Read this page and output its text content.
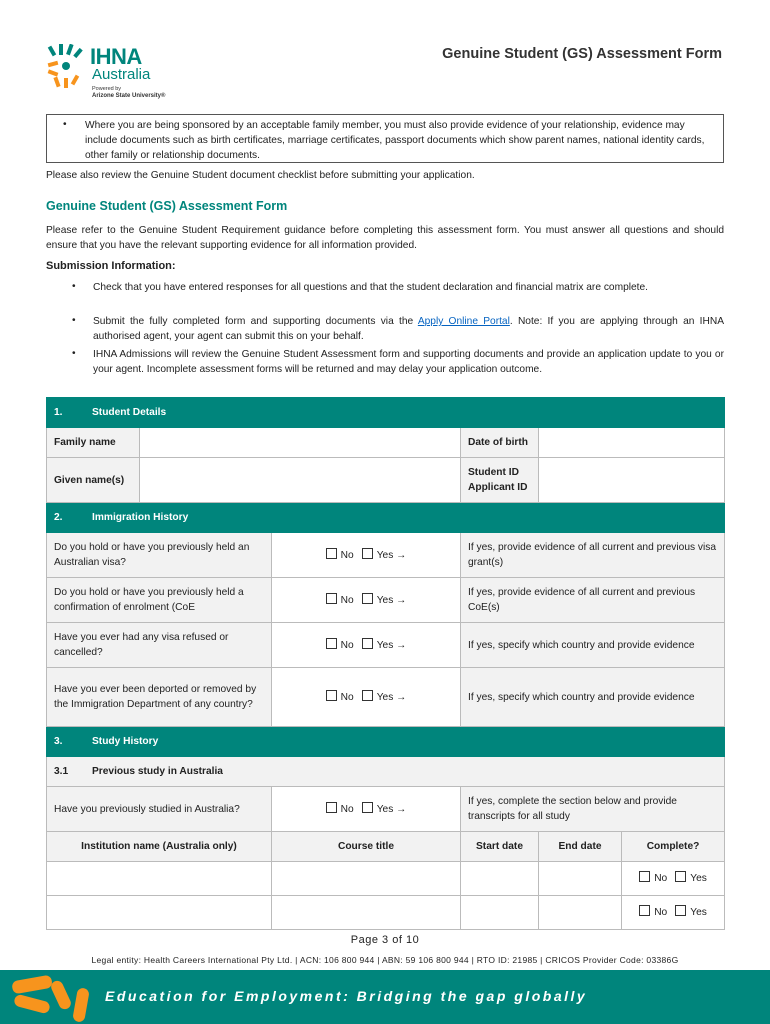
IHNA
Australia
Powered by
Arizone State University®
Genuine Student (GS) Assessment Form
• Where you are being sponsored by an acceptable family member, you must also provide evidence of your relationship, evidence may include documents such as birth certificates, marriage certificates, passport documents which show parent names, national identity cards, other family or relationship documents.

Please also review the Genuine Student document checklist before submitting your application.

Genuine Student (GS) Assessment Form

Please refer to the Genuine Student Requirement guidance before completing this assessment form. You must answer all questions and should ensure that you have the relevant supporting evidence for all information provided.

Submission Information:
• Check that you have entered responses for all questions and that the student declaration and financial matrix are complete.
• Submit the fully completed form and supporting documents via the Apply Online Portal. Note: If you are applying through an IHNA authorised agent, your agent can submit this on your behalf.
• IHNA Admissions will review the Genuine Student Assessment form and supporting documents and provide an application update to you or your agent. Incomplete assessment forms will be returned and may delay your application outcome.
1. Student Details					
Family name			Date of birth		
Given name(s)			Student ID
Applicant ID		

2. Immigration History					
Do you hold or have you previously held an Australian visa?		No Yes →	If yes, provide evidence of all current and previous visa grant(s)		
Do you hold or have you previously held a confirmation of enrolment (CoE		No Yes →	If yes, provide evidence of all current and previous CoE(s)		
Have you ever had any visa refused or cancelled?		No Yes →	If yes, specify which country and provide evidence		
Have you ever been deported or removed by the Immigration Department of any country?		No Yes →	If yes, specify which country and provide evidence		
3. Study History					
3.1 Previous study in Australia					
Have you previously studied in Australia?		No Yes →	If yes, complete the section below and provide transcripts for all study		
Institution name (Australia only)		Course title	Start date	End date	Complete?
					No Yes
					No Yes
Page 3 of 10
Legal entity: Health Careers International Pty Ltd. | ACN: 106 800 944 | ABN: 59 106 800 944 | RTO ID: 21985 | CRICOS Provider Code: 03386G
Education for Employment: Bridging the gap globally
